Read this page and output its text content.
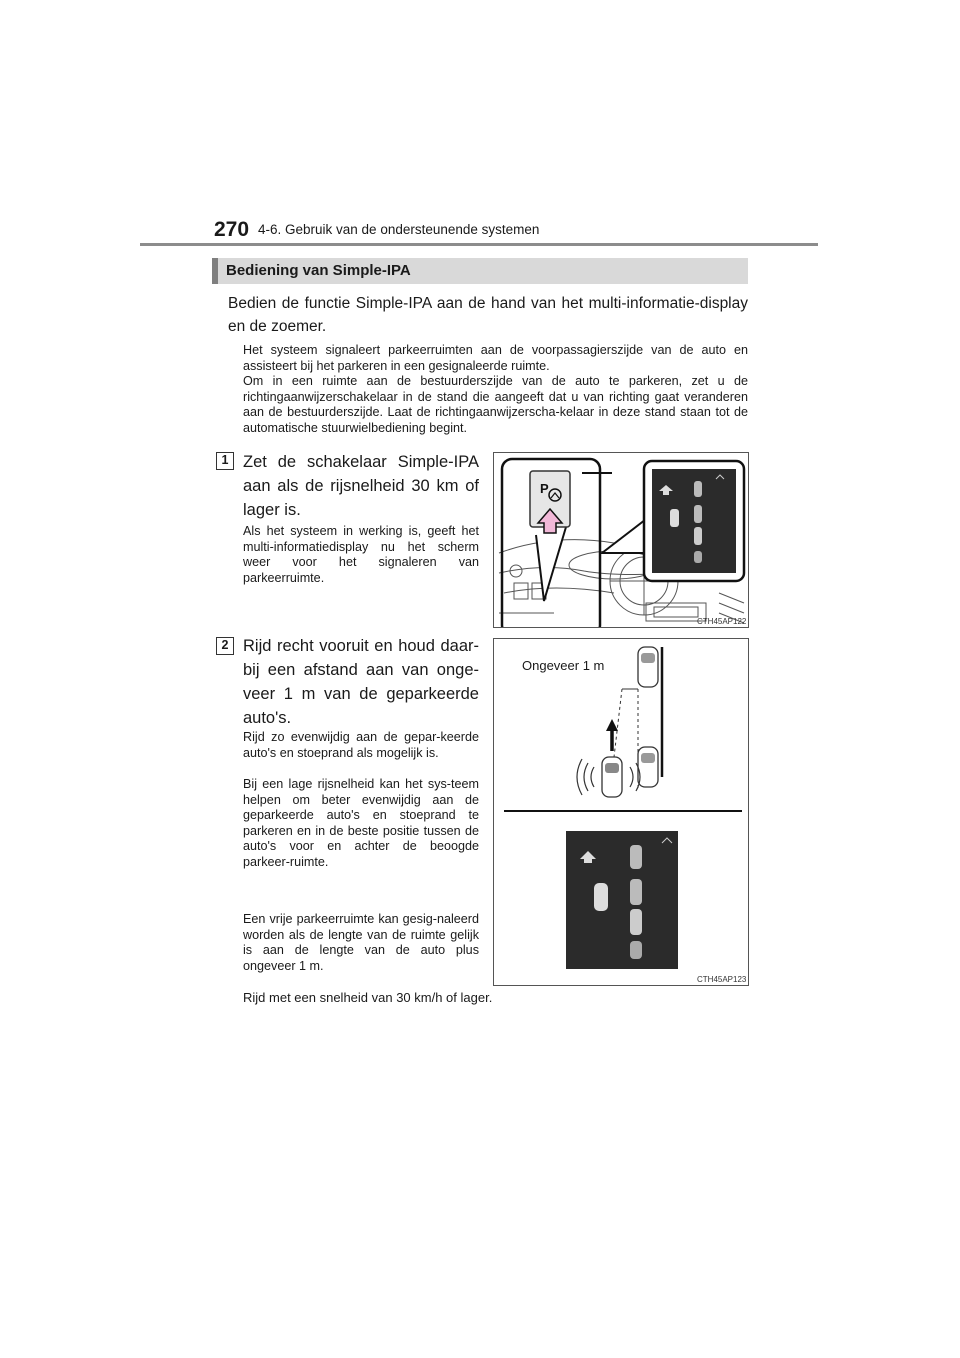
270 4-6. Gebruik van de ondersteunende systemen
Bediening van Simple-IPA
Bedien de functie Simple-IPA aan de hand van het multi-informatie-display en de zoemer.

Het systeem signaleert parkeerruimten aan de voorpassagierszijde van de auto en assisteert bij het parkeren in een gesignaleerde ruimte.

Om in een ruimte aan de bestuurderszijde van de auto te parkeren, zet u de richtingaanwijzerschakelaar in de stand die aangeeft dat u van richting gaat veranderen aan de bestuurderszijde. Laat de richtingaanwijzerscha-kelaar in deze stand staan tot de automatische stuurwielbediening begint.

1 Zet de schakelaar Simple-IPA aan als de rijsnelheid 30 km of lager is.
Als het systeem in werking is, geeft het multi-informatiedisplay nu het scherm weer voor het signaleren van parkeerruimte.
P
CTH45AP122
2 Rijd recht vooruit en houd daar-bij een afstand aan van onge-veer 1 m van de geparkeerde auto's.
Rijd zo evenwijdig aan de gepar-keerde auto's en stoeprand als mogelijk is.
Bij een lage rijsnelheid kan het sys-teem helpen om beter evenwijdig aan de geparkeerde auto's en stoeprand te parkeren en in de beste positie tussen de auto's voor en achter de beoogde parkeer-ruimte.
Een vrije parkeerruimte kan gesig-naleerd worden als de lengte van de ruimte gelijk is aan de lengte van de auto plus ongeveer 1 m.
Ongeveer 1 m
CTH45AP123
Rijd met een snelheid van 30 km/h of lager.
